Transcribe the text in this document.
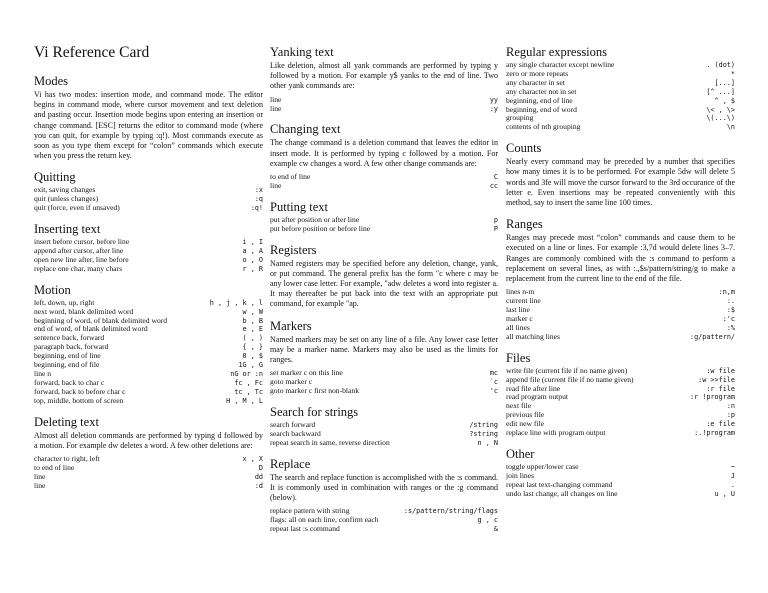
Vi Reference Card
Modes

Vi has two modes: insertion mode, and command mode. The editor begins in command mode, where cursor movement and text deletion and pasting occur. Insertion mode begins upon entering an insertion or change command. [ESC] returns the editor to command mode (where you can quit, for example by typing :q!). Most commands execute as soon as you type them except for “colon” commands which execute when you press the return key.

Quitting
exit, saving changes	:x
quit (unless changes)	:q
quit (force, even if unsaved)	:q!
Inserting text
insert before cursor, before line	i , I
append after cursor, after line	a , A
open new line after, line before	o , O
replace one char, many chars	r , R
Motion
left, down, up, right	h , j , k , l
next word, blank delimited word	w , W
beginning of word, of blank delimited word	b , B
end of word, of blank delimited word	e , E
sentence back, forward	( , )
paragraph back, forward	{ , }
beginning, end of line	0 , $
beginning, end of file	1G , G
line n	nG or :n
forward, back to char c	fc , Fc
forward, back to before char c	tc , Tc
top, middle, bottom of screen	H , M , L
Deleting text

Almost all deletion commands are performed by typing d followed by a motion. For example dw deletes a word. A few other deletions are:

character to right, left	x , X
to end of line	D
line	dd
line	:d
Yanking text

Like deletion, almost all yank commands are performed by typing y followed by a motion. For example y$ yanks to the end of line. Two other yank commands are:

line	yy
line	:y
Changing text

The change command is a deletion command that leaves the editor in insert mode. It is performed by typing c followed by a motion. For example cw changes a word. A few other change commands are:

to end of line	C
line	cc
Putting text
put after position or after line	p
put before position or before line	P
Registers

Named registers may be specified before any deletion, change, yank, or put command. The general prefix has the form "c where c may be any lower case letter. For example, "adw deletes a word into register a. It may thereafter be put back into the text with an appropriate put command, for example "ap.

Markers

Named markers may be set on any line of a file. Any lower case letter may be a marker name. Markers may also be used as the limits for ranges.

set marker c on this line	mc
goto marker c	`c
goto marker c first non-blank	'c
Search for strings
search forward	/string
search backward	?string
repeat search in same, reverse direction	n , N
Replace

The search and replace function is accomplished with the :s command. It is commonly used in combination with ranges or the :g command (below).

replace pattern with string	:s/pattern/string/flags
flags: all on each line, confirm each	g , c
repeat last :s command	&
Regular expressions
any single character except newline	. (dot)
zero or more repeats	*
any character in set	[...]
any character not in set	[^ ...]
beginning, end of line	^ , $
beginning, end of word	\< , \>
grouping	\(...\)
contents of nth grouping	\n
Counts

Nearly every command may be preceded by a number that specifies how many times it is to be performed. For example 5dw will delete 5 words and 3fe will move the cursor forward to the 3rd occurance of the letter e. Even insertions may be repeated conveniently with this method, say to insert the same line 100 times.

Ranges

Ranges may precede most “colon” commands and cause them to be executed on a line or lines. For example :3,7d would delete lines 3–7. Ranges are commonly combined with the :s command to perform a replacement on several lines, as with :.,$s/pattern/string/g to make a replacement from the current line to the end of the file.

lines n-m	:n,m
current line	:.
last line	:$
marker c	:'c
all lines	:%
all matching lines	:g/pattern/
Files
write file (current file if no name given)	:w file
append file (current file if no name given)	:w >>file
read file after line	:r file
read program output	:r !program
next file	:n
previous file	:p
edit new file	:e file
replace line with program output	:.!program
Other
toggle upper/lower case	~
join lines	J
repeat last text-changing command	.
undo last change, all changes on line	u , U
